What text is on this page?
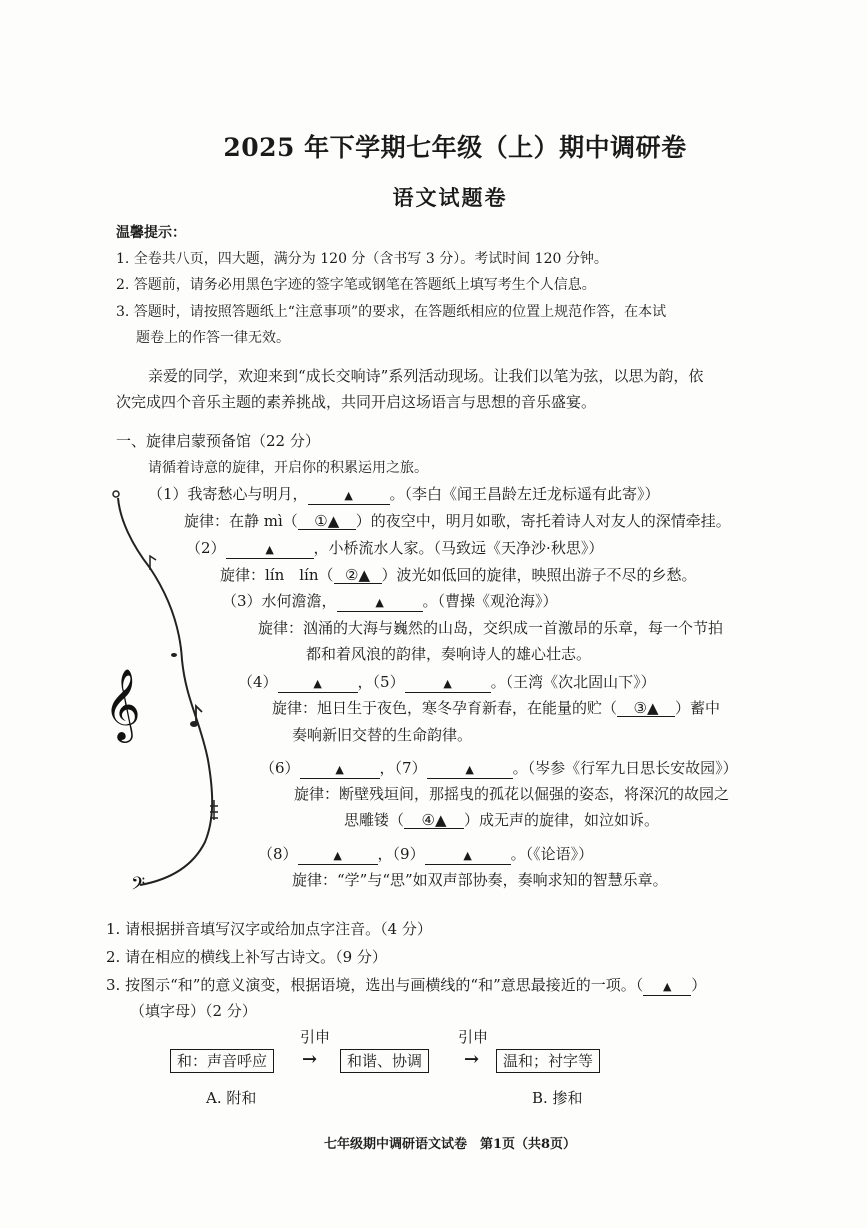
𝄞
𝄢
2025 年下学期七年级（上）期中调研卷
语文试题卷
温馨提示：
1. 全卷共八页，四大题，满分为 120 分（含书写 3 分）。考试时间 120 分钟。
2. 答题前，请务必用黑色字迹的签字笔或钢笔在答题纸上填写考生个人信息。
3. 答题时，请按照答题纸上“注意事项”的要求，在答题纸相应的位置上规范作答，在本试
题卷上的作答一律无效。
亲爱的同学，欢迎来到“成长交响诗”系列活动现场。让我们以笔为弦，以思为韵，依
次完成四个音乐主题的素养挑战，共同开启这场语言与思想的音乐盛宴。
一、旋律启蒙预备馆（22 分）
请循着诗意的旋律，开启你的积累运用之旅。
（1）我寄愁心与明月，	▲ 。（李白《闻王昌龄左迁龙标遥有此寄》）
旋律：在静 mì（ ①▲ ）的夜空中，明月如歌，寄托着诗人对友人的深情牵挂。
（2）	▲	，小桥流水人家。（马致远《天净沙·秋思》）
旋律：lín　lín（ ②▲ ）波光如低回的旋律，映照出游子不尽的乡愁。
（3）水何澹澹，	▲	。（曹操《观沧海》）
旋律：汹涌的大海与巍然的山岛，交织成一首激昂的乐章，每一个节拍
都和着风浪的韵律，奏响诗人的雄心壮志。
（4）	▲ ，（5）	▲	。（王湾《次北固山下》）
旋律：旭日生于夜色，寒冬孕育新春，在能量的贮（ ③▲ ）蓄中
奏响新旧交替的生命韵律。
（6）	▲ ，（7）	▲	。（岑参《行军九日思长安故园》）
旋律：断壁残垣间，那摇曳的孤花以倔强的姿态，将深沉的故园之
思雕镂（ ④▲ ）成无声的旋律，如泣如诉。
（8）	▲ ，（9）	▲	。（《论语》）
旋律：“学”与“思”如双声部协奏，奏响求知的智慧乐章。
1. 请根据拼音填写汉字或给加点字注音。（4 分）
2. 请在相应的横线上补写古诗文。（9 分）
3. 按图示“和”的意义演变，根据语境，选出与画横线的“和”意思最接近的一项。（ ▲ ）
（填字母）（2 分）
引申	引申
和：声音呼应	→	和谐、协调	→	温和；衬字等
A. 附和	B. 掺和
七年级期中调研语文试卷　第1页（共8页）
